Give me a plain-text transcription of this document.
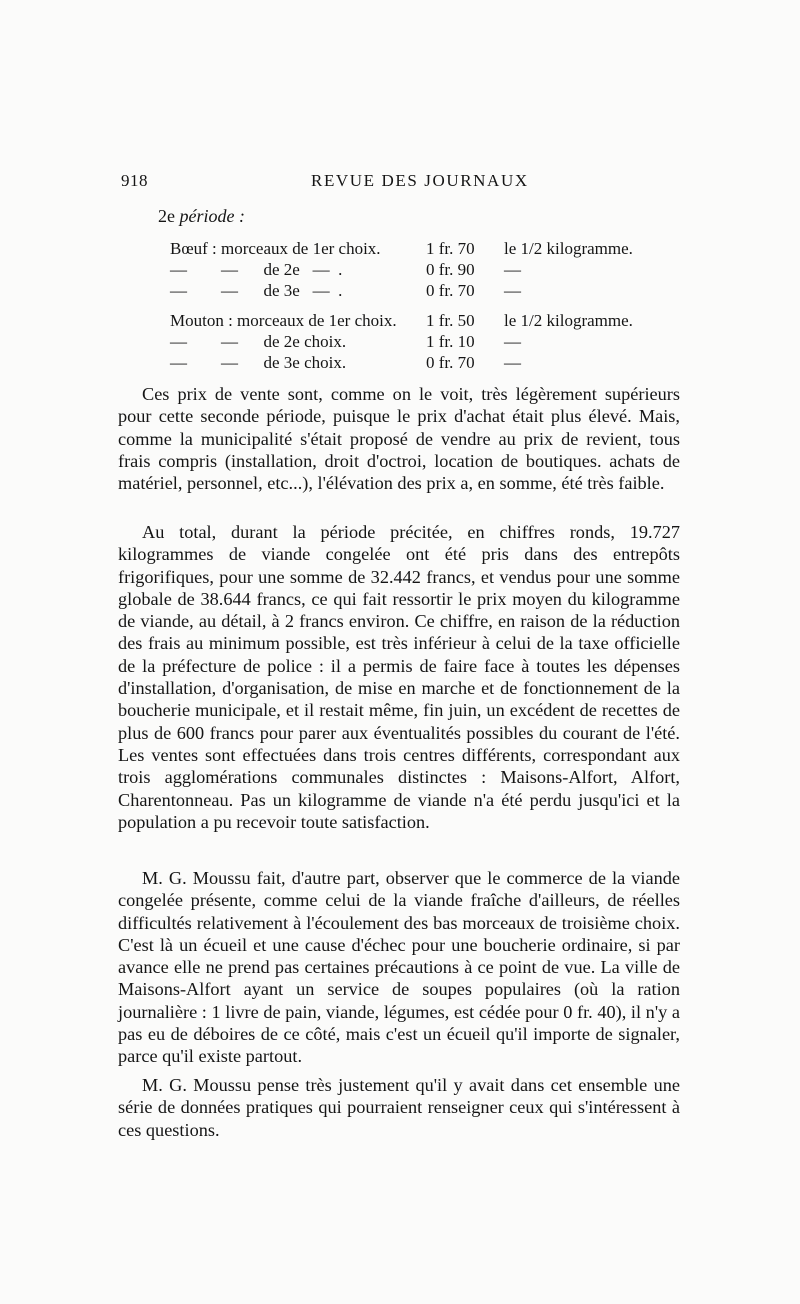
918	REVUE DES JOURNAUX
2e période :
Bœuf : morceaux de 1er choix.	1 fr. 70 le 1/2 kilogramme.
—        —      de 2e   —  .	0 fr. 90 —
—        —      de 3e   —  .	0 fr. 70 —
Mouton : morceaux de 1er choix. 1 fr. 50 le 1/2 kilogramme.
—        —      de 2e choix.	1 fr. 10 —
—        —      de 3e choix.	0 fr. 70 —

Ces prix de vente sont, comme on le voit, très légèrement supérieurs pour cette seconde période, puisque le prix d'achat était plus élevé. Mais, comme la municipalité s'était proposé de vendre au prix de revient, tous frais compris (installation, droit d'octroi, location de boutiques. achats de matériel, personnel, etc...), l'élévation des prix a, en somme, été très faible.

Au total, durant la période précitée, en chiffres ronds, 19.727 kilogrammes de viande congelée ont été pris dans des entrepôts frigorifiques, pour une somme de 32.442 francs, et vendus pour une somme globale de 38.644 francs, ce qui fait ressortir le prix moyen du kilogramme de viande, au détail, à 2 francs environ. Ce chiffre, en raison de la réduction des frais au minimum possible, est très inférieur à celui de la taxe officielle de la préfecture de police : il a permis de faire face à toutes les dépenses d'installation, d'organisation, de mise en marche et de fonctionnement de la boucherie municipale, et il restait même, fin juin, un excédent de recettes de plus de 600 francs pour parer aux éventualités possibles du courant de l'été. Les ventes sont effectuées dans trois centres différents, correspondant aux trois agglomérations communales distinctes : Maisons-Alfort, Alfort, Charentonneau. Pas un kilogramme de viande n'a été perdu jusqu'ici et la population a pu recevoir toute satisfaction.

M. G. Moussu fait, d'autre part, observer que le commerce de la viande congelée présente, comme celui de la viande fraîche d'ailleurs, de réelles difficultés relativement à l'écoulement des bas morceaux de troisième choix. C'est là un écueil et une cause d'échec pour une boucherie ordinaire, si par avance elle ne prend pas certaines précautions à ce point de vue. La ville de Maisons-Alfort ayant un service de soupes populaires (où la ration journalière : 1 livre de pain, viande, légumes, est cédée pour 0 fr. 40), il n'y a pas eu de déboires de ce côté, mais c'est un écueil qu'il importe de signaler, parce qu'il existe partout.

M. G. Moussu pense très justement qu'il y avait dans cet ensemble une série de données pratiques qui pourraient renseigner ceux qui s'intéressent à ces questions.
